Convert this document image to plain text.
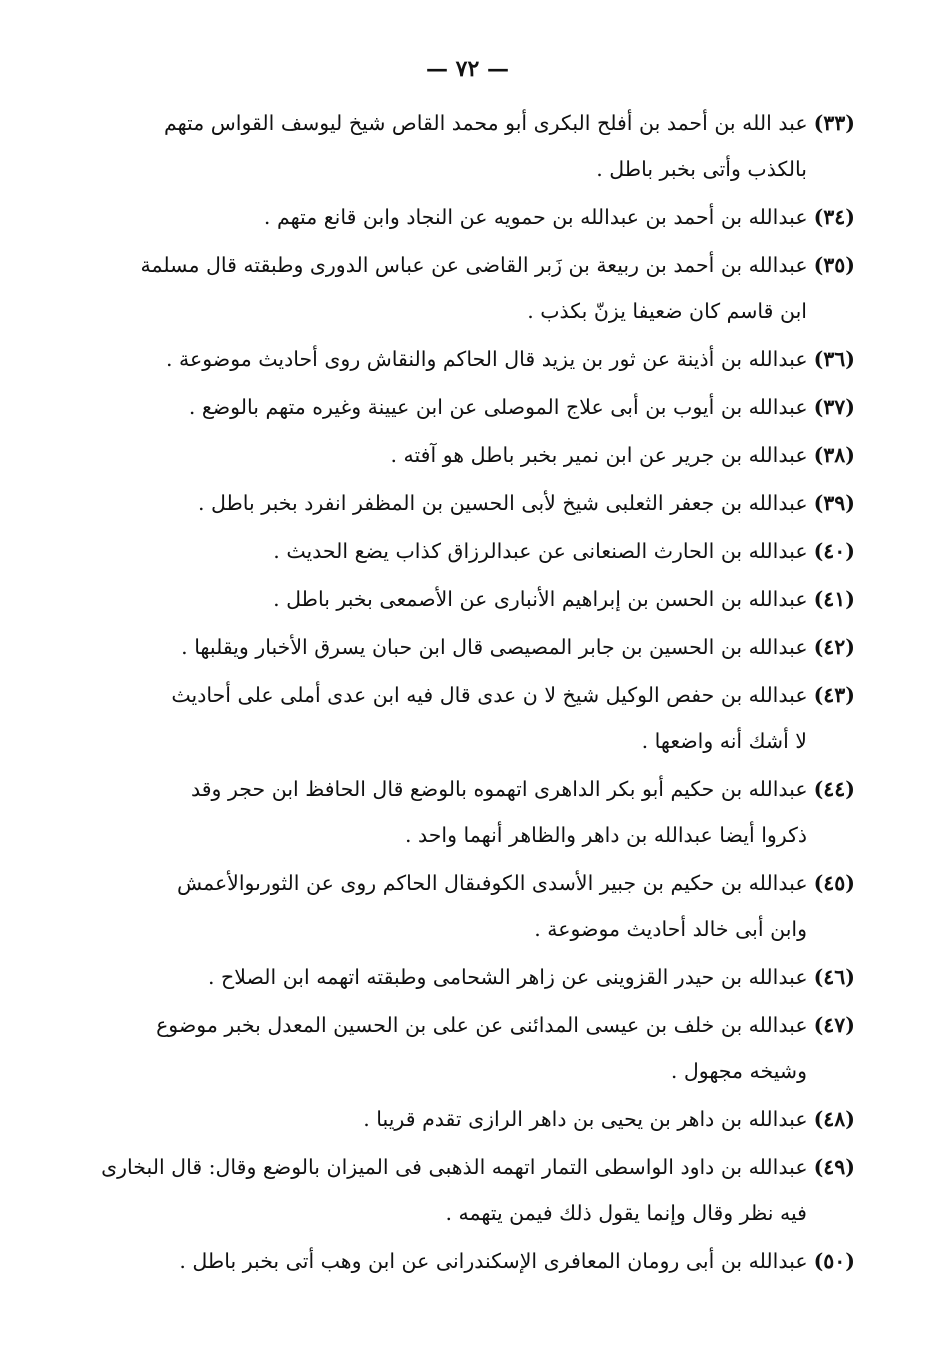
— ٧٢ —
(٣٣)عبد الله بن أحمد بن أفلح البكرى أبو محمد القاص شيخ ليوسف القواس متهم
بالكذب وأتى بخبر باطل .
(٣٤)عبدالله بن أحمد بن عبدالله بن حمويه عن النجاد وابن قانع متهم .
(٣٥)عبدالله بن أحمد بن ربيعة بن زَبر القاضى عن عباس الدورى وطبقته قال مسلمة
ابن قاسم كان ضعيفا يزنّ بكذب .
(٣٦)عبدالله بن أذينة عن ثور بن يزيد قال الحاكم والنقاش روى أحاديث موضوعة .
(٣٧)عبدالله بن أيوب بن أبى علاج الموصلى عن ابن عيينة وغيره متهم بالوضع .
(٣٨)عبدالله بن جرير عن ابن نمير بخبر باطل هو آفته .
(٣٩)عبدالله بن جعفر الثعلبى شيخ لأبى الحسين بن المظفر انفرد بخبر باطل .
(٤٠)عبدالله بن الحارث الصنعانى عن عبدالرزاق كذاب يضع الحديث .
(٤١)عبدالله بن الحسن بن إبراهيم الأنبارى عن الأصمعى بخبر باطل .
(٤٢)عبدالله بن الحسين بن جابر المصيصى قال ابن حبان يسرق الأخبار ويقلبها .
(٤٣)عبدالله بن حفص الوكيل شيخ لا ن عدى قال فيه ابن عدى أملى على أحاديث
لا أشك أنه واضعها .
(٤٤)عبدالله بن حكيم أبو بكر الداهرى اتهموه بالوضع قال الحافظ ابن حجر وقد
ذكروا أيضا عبدالله بن داهر والظاهر أنهما واحد .
(٤٥)عبدالله بن حكيم بن جبير الأسدى الكوفىقال الحاكم روى عن الثورىوالأعمش
وابن أبى خالد أحاديث موضوعة .
(٤٦)عبدالله بن حيدر القزوينى عن زاهر الشحامى وطبقته اتهمه ابن الصلاح .
(٤٧)عبدالله بن خلف بن عيسى المدائنى عن على بن الحسين المعدل بخبر موضوع
وشيخه مجهول .
(٤٨)عبدالله بن داهر بن يحيى بن داهر الرازى تقدم قريبا .
(٤٩)عبدالله بن داود الواسطى التمار اتهمه الذهبى فى الميزان بالوضع وقال: قال البخارى
فيه نظر وقال وإنما يقول ذلك فيمن يتهمه .
(٥٠)عبدالله بن أبى رومان المعافرى الإسكندرانى عن ابن وهب أتى بخبر باطل .
